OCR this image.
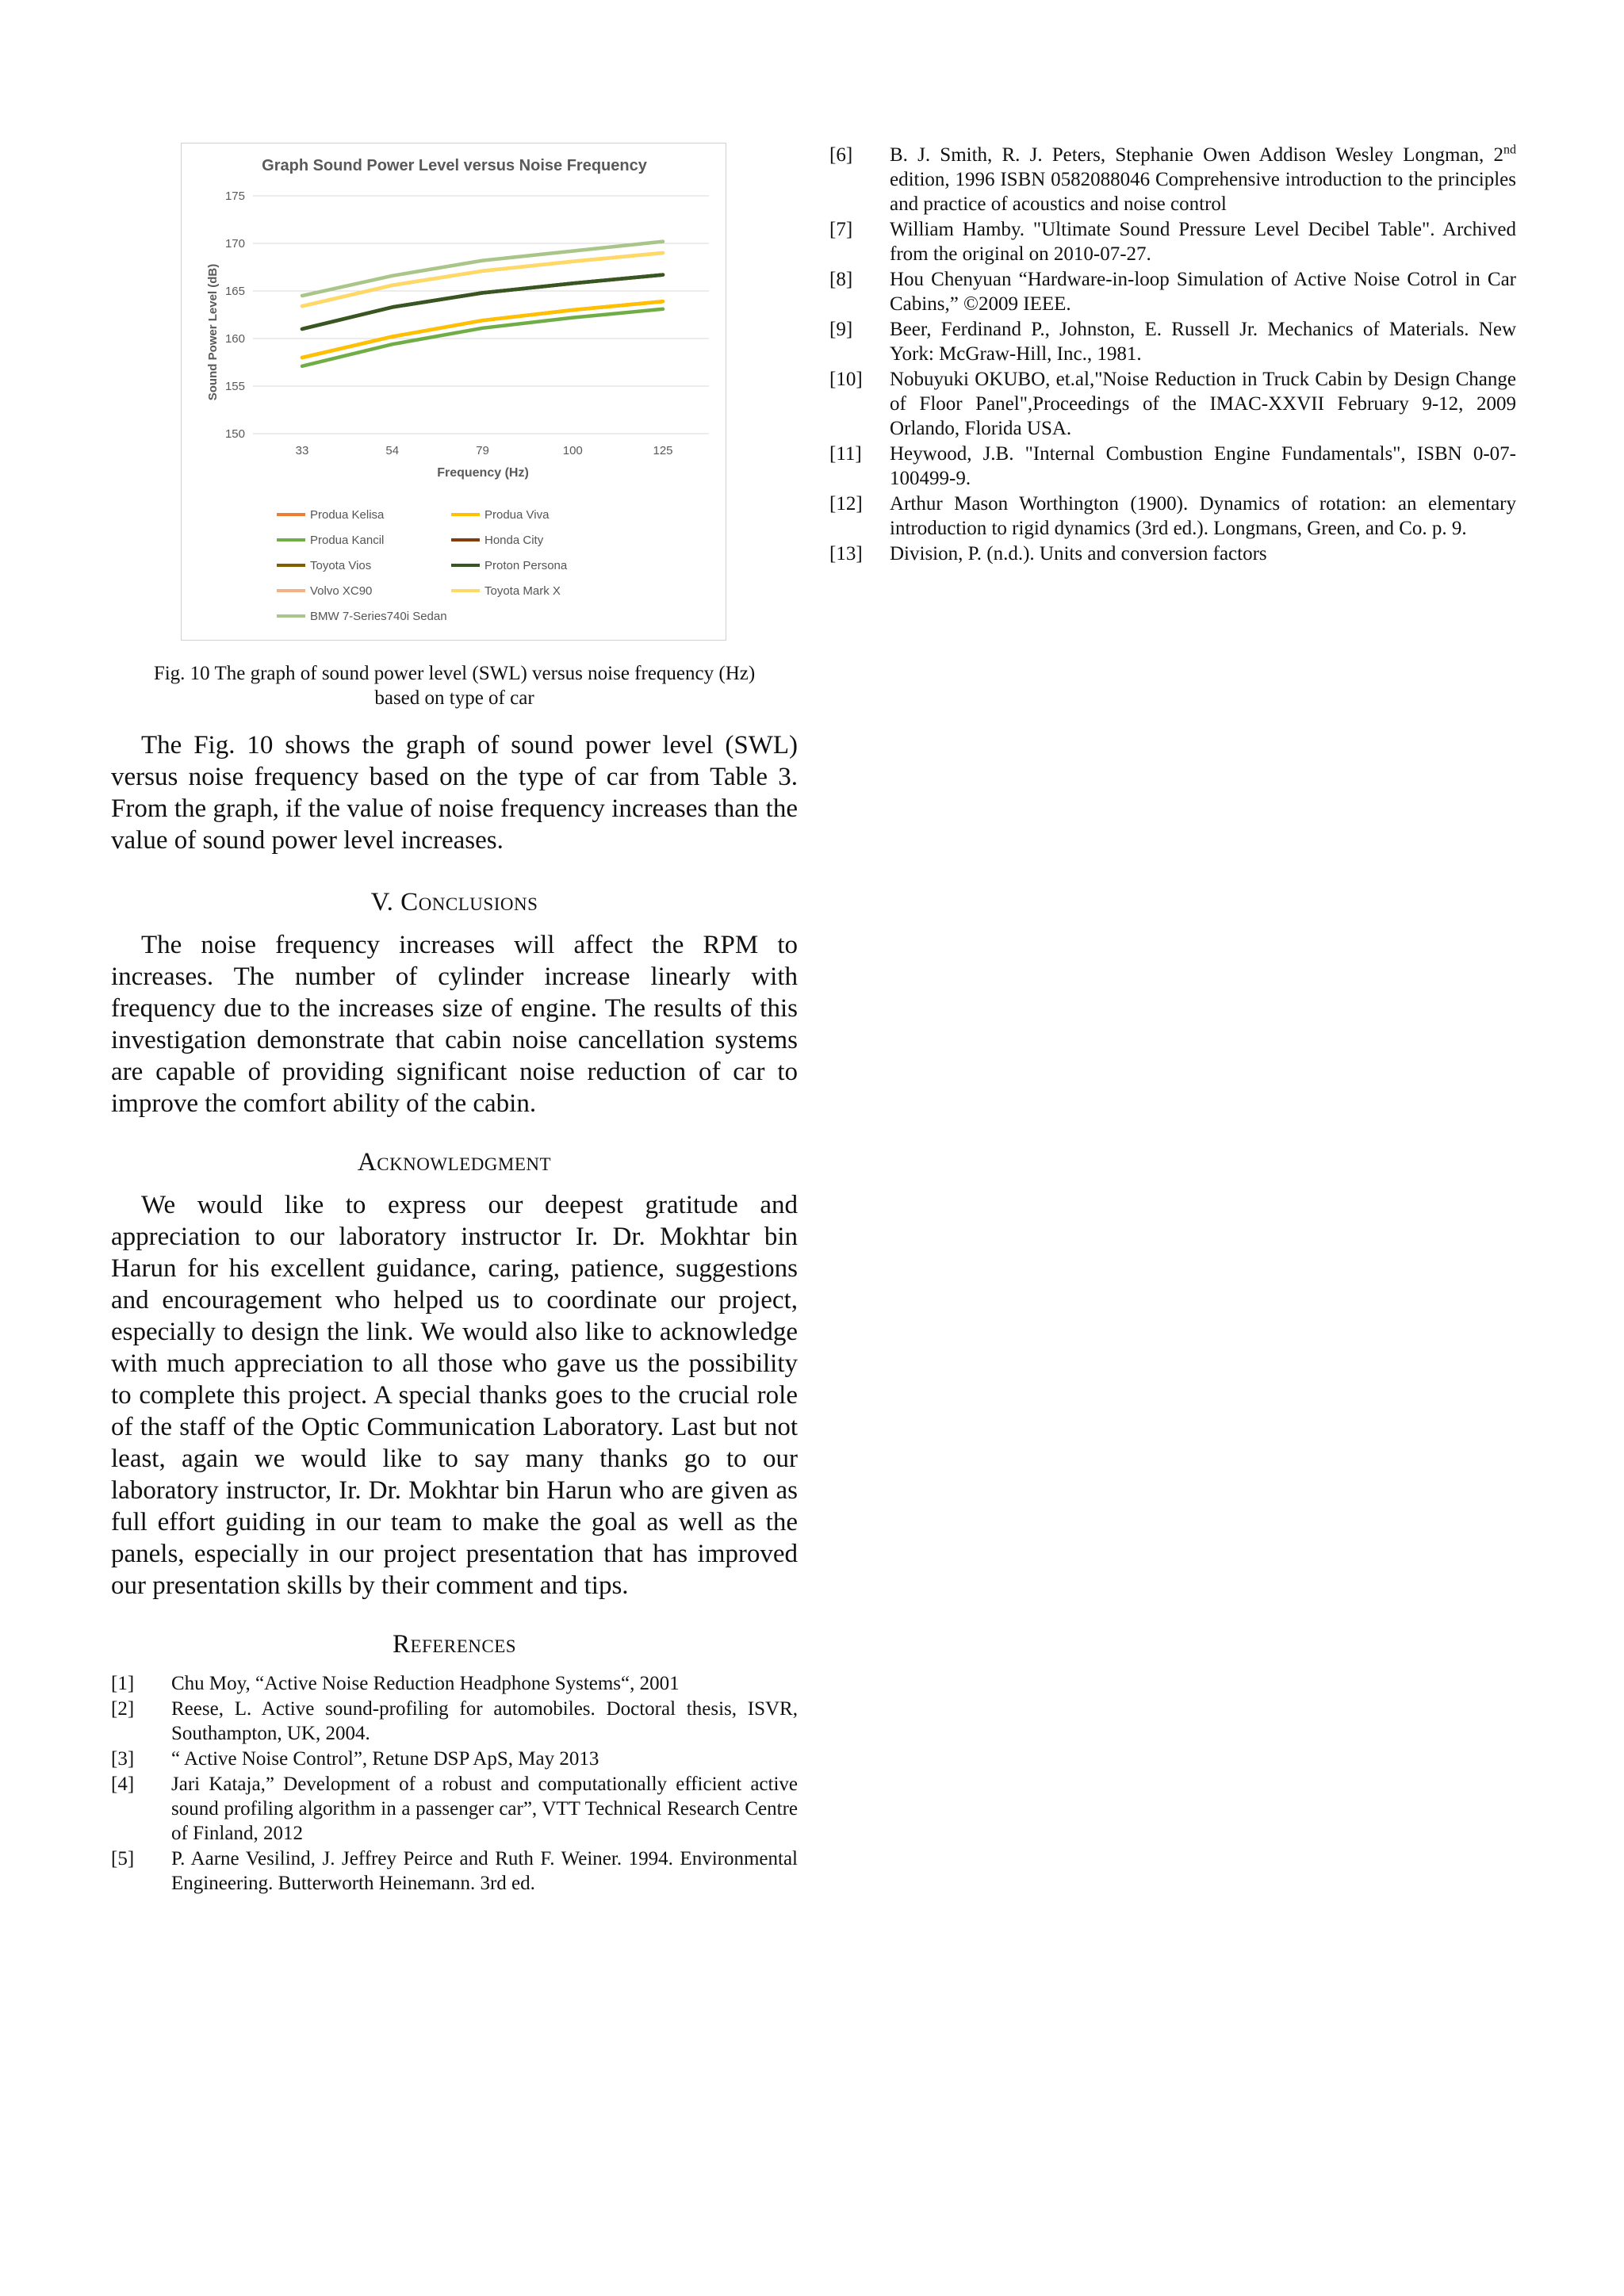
Graph Sound Power Level versus Noise Frequency
150
155
160
165
170
175
33	54	79	100	125
Sound Power Level (dB)
Frequency (Hz)
Produa Kelisa	Produa Viva
Produa Kancil	Honda City
Toyota Vios	Proton Persona
Volvo XC90	Toyota Mark X
BMW 7-Series740i Sedan
Fig. 10 The graph of sound power level (SWL) versus noise frequency (Hz)
based on type of car

The Fig. 10 shows the graph of sound power level (SWL) versus noise frequency based on the type of car from Table 3. From the graph, if the value of noise frequency increases than the value of sound power level increases.

V. Conclusions

The noise frequency increases will affect the RPM to increases. The number of cylinder increase linearly with frequency due to the increases size of engine. The results of this investigation demonstrate that cabin noise cancellation systems are capable of providing significant noise reduction of car to improve the comfort ability of the cabin.

Acknowledgment

We would like to express our deepest gratitude and appreciation to our laboratory instructor Ir. Dr. Mokhtar bin Harun for his excellent guidance, caring, patience, suggestions and encouragement who helped us to coordinate our project, especially to design the link. We would also like to acknowledge with much appreciation to all those who gave us the possibility to complete this project. A special thanks goes to the crucial role of the staff of the Optic Communication Laboratory. Last but not least, again we would like to say many thanks go to our laboratory instructor, Ir. Dr. Mokhtar bin Harun who are given as full effort guiding in our team to make the goal as well as the panels, especially in our project presentation that has improved our presentation skills by their comment and tips.

References
[1]	Chu Moy, “Active Noise Reduction Headphone Systems“, 2001
[2]	Reese, L. Active sound-profiling for automobiles. Doctoral thesis, ISVR, Southampton, UK, 2004.
[3]	“ Active Noise Control”, Retune DSP ApS, May 2013
[4]	Jari Kataja,” Development of a robust and computationally efficient active sound profiling algorithm in a passenger car”, VTT Technical Research Centre of Finland, 2012
[5]	P. Aarne Vesilind, J. Jeffrey Peirce and Ruth F. Weiner. 1994. Environmental Engineering. Butterworth Heinemann. 3rd ed.
[6]	B. J. Smith, R. J. Peters, Stephanie Owen Addison Wesley Longman, 2nd edition, 1996 ISBN 0582088046 Comprehensive introduction to the principles and practice of acoustics and noise control
[7]	William Hamby. "Ultimate Sound Pressure Level Decibel Table". Archived from the original on 2010-07-27.
[8]	Hou Chenyuan “Hardware-in-loop Simulation of Active Noise Cotrol in Car Cabins,” ©2009 IEEE.
[9]	Beer, Ferdinand P., Johnston, E. Russell Jr. Mechanics of Materials. New York: McGraw-Hill, Inc., 1981.
[10]	Nobuyuki OKUBO, et.al,"Noise Reduction in Truck Cabin by Design Change of Floor Panel",Proceedings of the IMAC-XXVII February 9-12, 2009 Orlando, Florida USA.
[11]	Heywood, J.B. "Internal Combustion Engine Fundamentals", ISBN 0-07-100499-9.
[12]	Arthur Mason Worthington (1900). Dynamics of rotation: an elementary introduction to rigid dynamics (3rd ed.). Longmans, Green, and Co. p. 9.
[13]	Division, P. (n.d.). Units and conversion factors
